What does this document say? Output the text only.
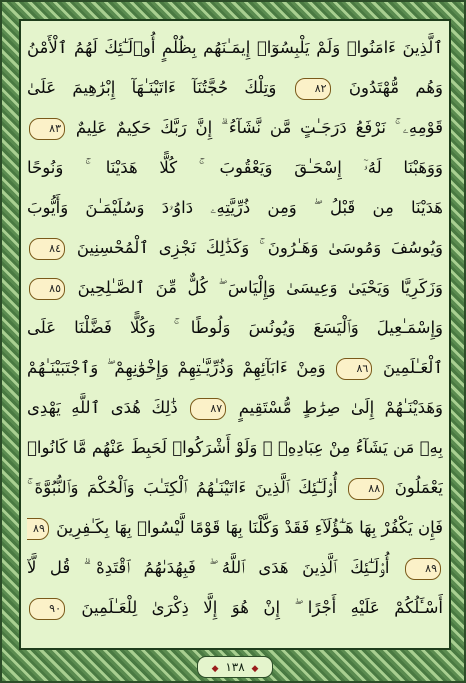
ٱلَّذِينَ ءَامَنُوا۟ وَلَمْ يَلْبِسُوٓا۟ إِيمَـٰنَهُم بِظُلْمٍ أُو۟لَـٰٓئِكَ لَهُمُ ٱلْأَمْنُ
وَهُم مُّهْتَدُونَ ٨٢ وَتِلْكَ حُجَّتُنَآ ءَاتَيْنَـٰهَآ إِبْرَٰهِيمَ عَلَىٰ
قَوْمِهِۦ ۚ نَرْفَعُ دَرَجَـٰتٍ مَّن نَّشَآءُ ۗ إِنَّ رَبَّكَ حَكِيمٌ عَلِيمٌ ٨٣
وَوَهَبْنَا لَهُۥٓ إِسْحَـٰقَ وَيَعْقُوبَ ۚ كُلًّا هَدَيْنَا ۚ وَنُوحًا
هَدَيْنَا مِن قَبْلُ ۖ وَمِن ذُرِّيَّتِهِۦ دَاوُۥدَ وَسُلَيْمَـٰنَ وَأَيُّوبَ
وَيُوسُفَ وَمُوسَىٰ وَهَـٰرُونَ ۚ وَكَذَٰلِكَ نَجْزِى ٱلْمُحْسِنِينَ ٨٤
وَزَكَرِيَّا وَيَحْيَىٰ وَعِيسَىٰ وَإِلْيَاسَ ۖ كُلٌّ مِّنَ ٱلصَّـٰلِحِينَ ٨٥
وَإِسْمَـٰعِيلَ وَٱلْيَسَعَ وَيُونُسَ وَلُوطًا ۚ وَكُلًّا فَضَّلْنَا عَلَى
ٱلْعَـٰلَمِينَ ٨٦ وَمِنْ ءَابَآئِهِمْ وَذُرِّيَّـٰتِهِمْ وَإِخْوَٰنِهِمْ ۖ وَٱجْتَبَيْنَـٰهُمْ
وَهَدَيْنَـٰهُمْ إِلَىٰ صِرَٰطٍ مُّسْتَقِيمٍ ٨٧ ذَٰلِكَ هُدَى ٱللَّهِ يَهْدِى
بِهِۦ مَن يَشَآءُ مِنْ عِبَادِهِۦ ۚ وَلَوْ أَشْرَكُوا۟ لَحَبِطَ عَنْهُم مَّا كَانُوا۟
يَعْمَلُونَ ٨٨ أُو۟لَـٰٓئِكَ ٱلَّذِينَ ءَاتَيْنَـٰهُمُ ٱلْكِتَـٰبَ وَٱلْحُكْمَ وَٱلنُّبُوَّةَ ۚ
فَإِن يَكْفُرْ بِهَا هَـٰٓؤُلَآءِ فَقَدْ وَكَّلْنَا بِهَا قَوْمًا لَّيْسُوا۟ بِهَا بِكَـٰفِرِينَ ٨٩
٨٩ أُو۟لَـٰٓئِكَ ٱلَّذِينَ هَدَى ٱللَّهُ ۖ فَبِهُدَىٰهُمُ ٱقْتَدِهْ ۗ قُل لَّآ
أَسْـَٔلُكُمْ عَلَيْهِ أَجْرًا ۖ إِنْ هُوَ إِلَّا ذِكْرَىٰ لِلْعَـٰلَمِينَ ٩٠
◆ ١٣٨ ◆
